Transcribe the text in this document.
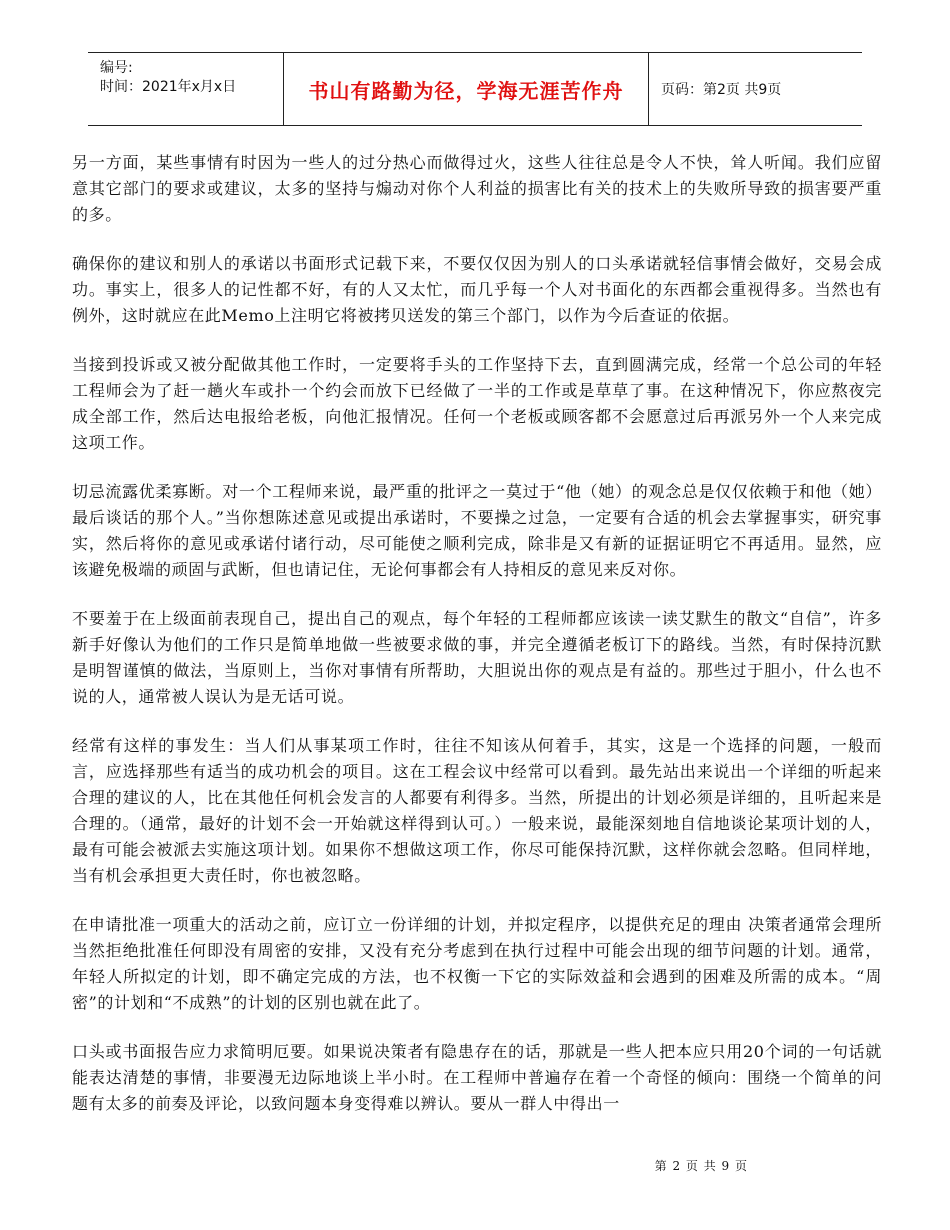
编号:
时间：2021年x月x日	书山有路勤为径，学海无涯苦作舟	页码：第2页 共9页

另一方面，某些事情有时因为一些人的过分热心而做得过火，这些人往往总是令人不快，耸人听闻。我们应留意其它部门的要求或建议，太多的坚持与煽动对你个人利益的损害比有关的技术上的失败所导致的损害要严重的多。

确保你的建议和别人的承诺以书面形式记载下来，不要仅仅因为别人的口头承诺就轻信事情会做好，交易会成功。事实上，很多人的记性都不好，有的人又太忙，而几乎每一个人对书面化的东西都会重视得多。当然也有例外，这时就应在此Memo上注明它将被拷贝送发的第三个部门，以作为今后查证的依据。

当接到投诉或又被分配做其他工作时，一定要将手头的工作坚持下去，直到圆满完成，经常一个总公司的年轻工程师会为了赶一趟火车或扑一个约会而放下已经做了一半的工作或是草草了事。在这种情况下，你应熬夜完成全部工作，然后达电报给老板，向他汇报情况。任何一个老板或顾客都不会愿意过后再派另外一个人来完成这项工作。

切忌流露优柔寡断。对一个工程师来说，最严重的批评之一莫过于“他（她）的观念总是仅仅依赖于和他（她）最后谈话的那个人。”当你想陈述意见或提出承诺时，不要操之过急，一定要有合适的机会去掌握事实，研究事实，然后将你的意见或承诺付诸行动，尽可能使之顺利完成，除非是又有新的证据证明它不再适用。显然，应该避免极端的顽固与武断，但也请记住，无论何事都会有人持相反的意见来反对你。

不要羞于在上级面前表现自己，提出自己的观点，每个年轻的工程师都应该读一读艾默生的散文“自信”，许多新手好像认为他们的工作只是简单地做一些被要求做的事，并完全遵循老板订下的路线。当然，有时保持沉默是明智谨慎的做法，当原则上，当你对事情有所帮助，大胆说出你的观点是有益的。那些过于胆小，什么也不说的人，通常被人误认为是无话可说。

经常有这样的事发生：当人们从事某项工作时，往往不知该从何着手，其实，这是一个选择的问题，一般而言，应选择那些有适当的成功机会的项目。这在工程会议中经常可以看到。最先站出来说出一个详细的听起来合理的建议的人，比在其他任何机会发言的人都要有利得多。当然，所提出的计划必须是详细的，且听起来是合理的。（通常，最好的计划不会一开始就这样得到认可。）一般来说，最能深刻地自信地谈论某项计划的人，最有可能会被派去实施这项计划。如果你不想做这项工作，你尽可能保持沉默，这样你就会忽略。但同样地，当有机会承担更大责任时，你也被忽略。

在申请批准一项重大的活动之前，应订立一份详细的计划，并拟定程序，以提供充足的理由 决策者通常会理所当然拒绝批准任何即没有周密的安排，又没有充分考虑到在执行过程中可能会出现的细节问题的计划。通常，年轻人所拟定的计划，即不确定完成的方法，也不权衡一下它的实际效益和会遇到的困难及所需的成本。“周密”的计划和“不成熟”的计划的区别也就在此了。

口头或书面报告应力求简明厄要。如果说决策者有隐患存在的话，那就是一些人把本应只用20个词的一句话就能表达清楚的事情，非要漫无边际地谈上半小时。在工程师中普遍存在着一个奇怪的倾向：围绕一个简单的问题有太多的前奏及评论，以致问题本身变得难以辨认。要从一群人中得出一

第 2 页 共 9 页
